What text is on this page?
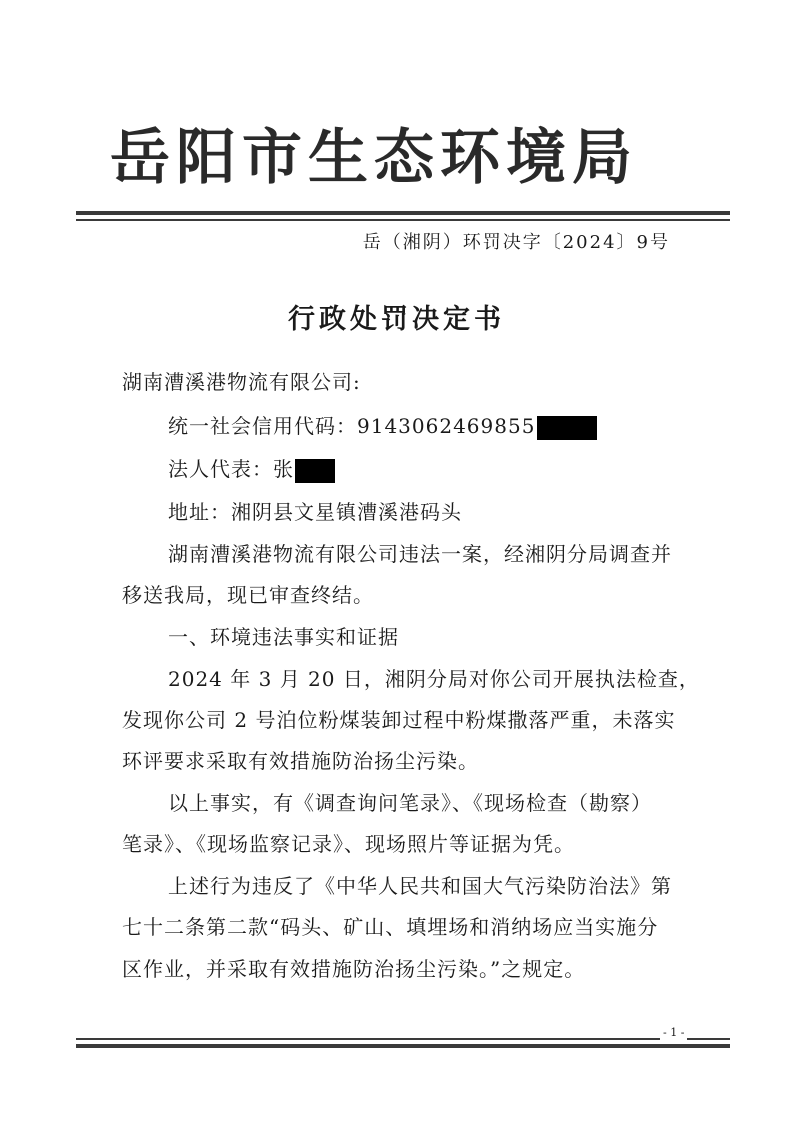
岳阳市生态环境局
岳（湘阴）环罚决字〔2024〕9号
行政处罚决定书
湖南漕溪港物流有限公司:
统一社会信用代码：9143062469855
法人代表：张
地址：湘阴县文星镇漕溪港码头
湖南漕溪港物流有限公司违法一案，经湘阴分局调查并
移送我局，现已审查终结。
一、环境违法事实和证据
2024 年 3 月 20 日，湘阴分局对你公司开展执法检查，
发现你公司 2 号泊位粉煤装卸过程中粉煤撒落严重，未落实
环评要求采取有效措施防治扬尘污染。
以上事实，有《调查询问笔录》、《现场检查（勘察）
笔录》、《现场监察记录》、现场照片等证据为凭。
上述行为违反了《中华人民共和国大气污染防治法》第
七十二条第二款“码头、矿山、填埋场和消纳场应当实施分
区作业，并采取有效措施防治扬尘污染。”之规定。
- 1 -
